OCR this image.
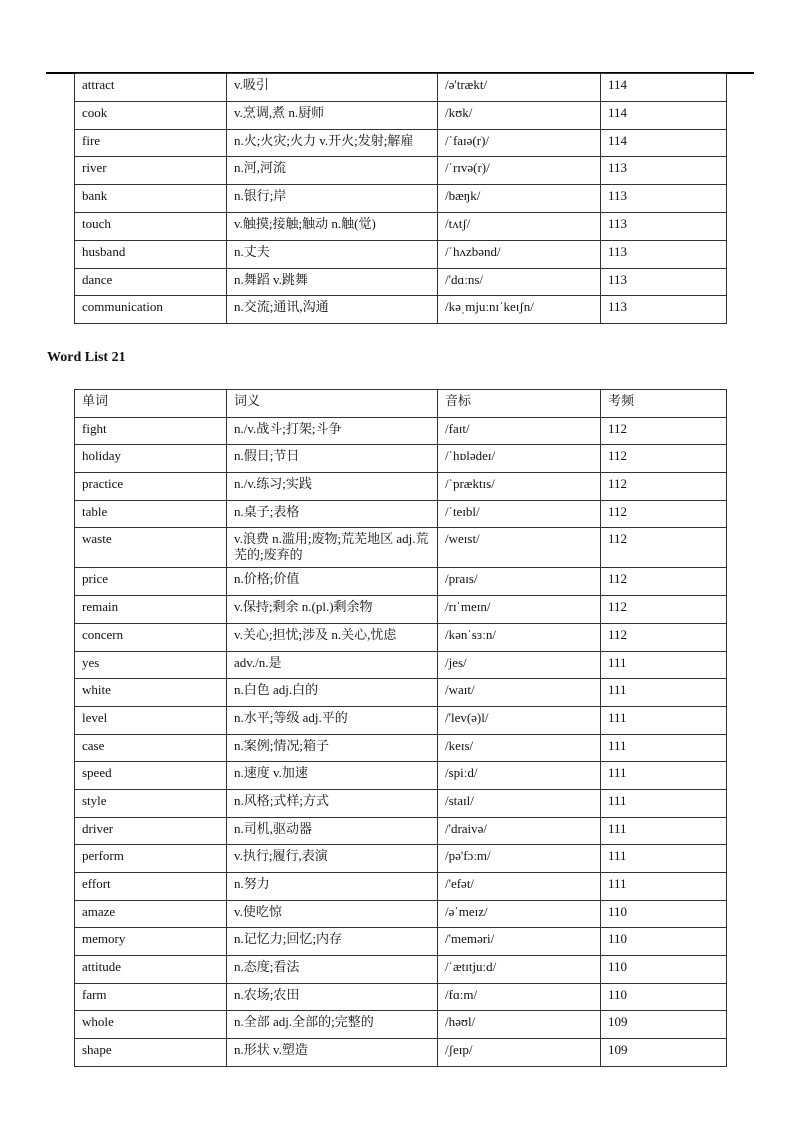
attract	v.吸引	/ə'trækt/	114
cook	v.烹调,煮 n.厨师	/kʊk/	114
fire	n.火;火灾;火力 v.开火;发射;解雇	/ˈfaɪə(r)/	114
river	n.河,河流	/ˈrɪvə(r)/	113
bank	n.银行;岸	/bæŋk/	113
touch	v.触摸;接触;触动 n.触(觉)	/tʌtʃ/	113
husband	n.丈夫	/ˈhʌzbənd/	113
dance	n.舞蹈 v.跳舞	/'dɑːns/	113
communication	n.交流;通讯,沟通	/kəˌmjuːnɪˈkeɪʃn/	113
Word List 21
单词	词义	音标	考频
fight	n./v.战斗;打架;斗争	/faɪt/	112
holiday	n.假日;节日	/ˈhɒlədeɪ/	112
practice	n./v.练习;实践	/ˈpræktɪs/	112
table	n.桌子;表格	/ˈteɪbl/	112
waste	v.浪费 n.滥用;废物;荒芜地区 adj.荒芜的;废弃的	/weɪst/	112
price	n.价格;价值	/praɪs/	112
remain	v.保持;剩余 n.(pl.)剩余物	/rɪˈmeɪn/	112
concern	v.关心;担忧;涉及 n.关心,忧虑	/kənˈsɜːn/	112
yes	adv./n.是	/jes/	111
white	n.白色 adj.白的	/waɪt/	111
level	n.水平;等级 adj.平的	/'lev(ə)l/	111
case	n.案例;情况;箱子	/keɪs/	111
speed	n.速度 v.加速	/spiːd/	111
style	n.风格;式样;方式	/staɪl/	111
driver	n.司机,驱动器	/'draivə/	111
perform	v.执行;履行,表演	/pə'fɔːm/	111
effort	n.努力	/'efət/	111
amaze	v.使吃惊	/əˈmeɪz/	110
memory	n.记忆力;回忆;内存	/'meməri/	110
attitude	n.态度;看法	/ˈætɪtjuːd/	110
farm	n.农场;农田	/fɑːm/	110
whole	n.全部 adj.全部的;完整的	/həʊl/	109
shape	n.形状 v.塑造	/ʃeɪp/	109
